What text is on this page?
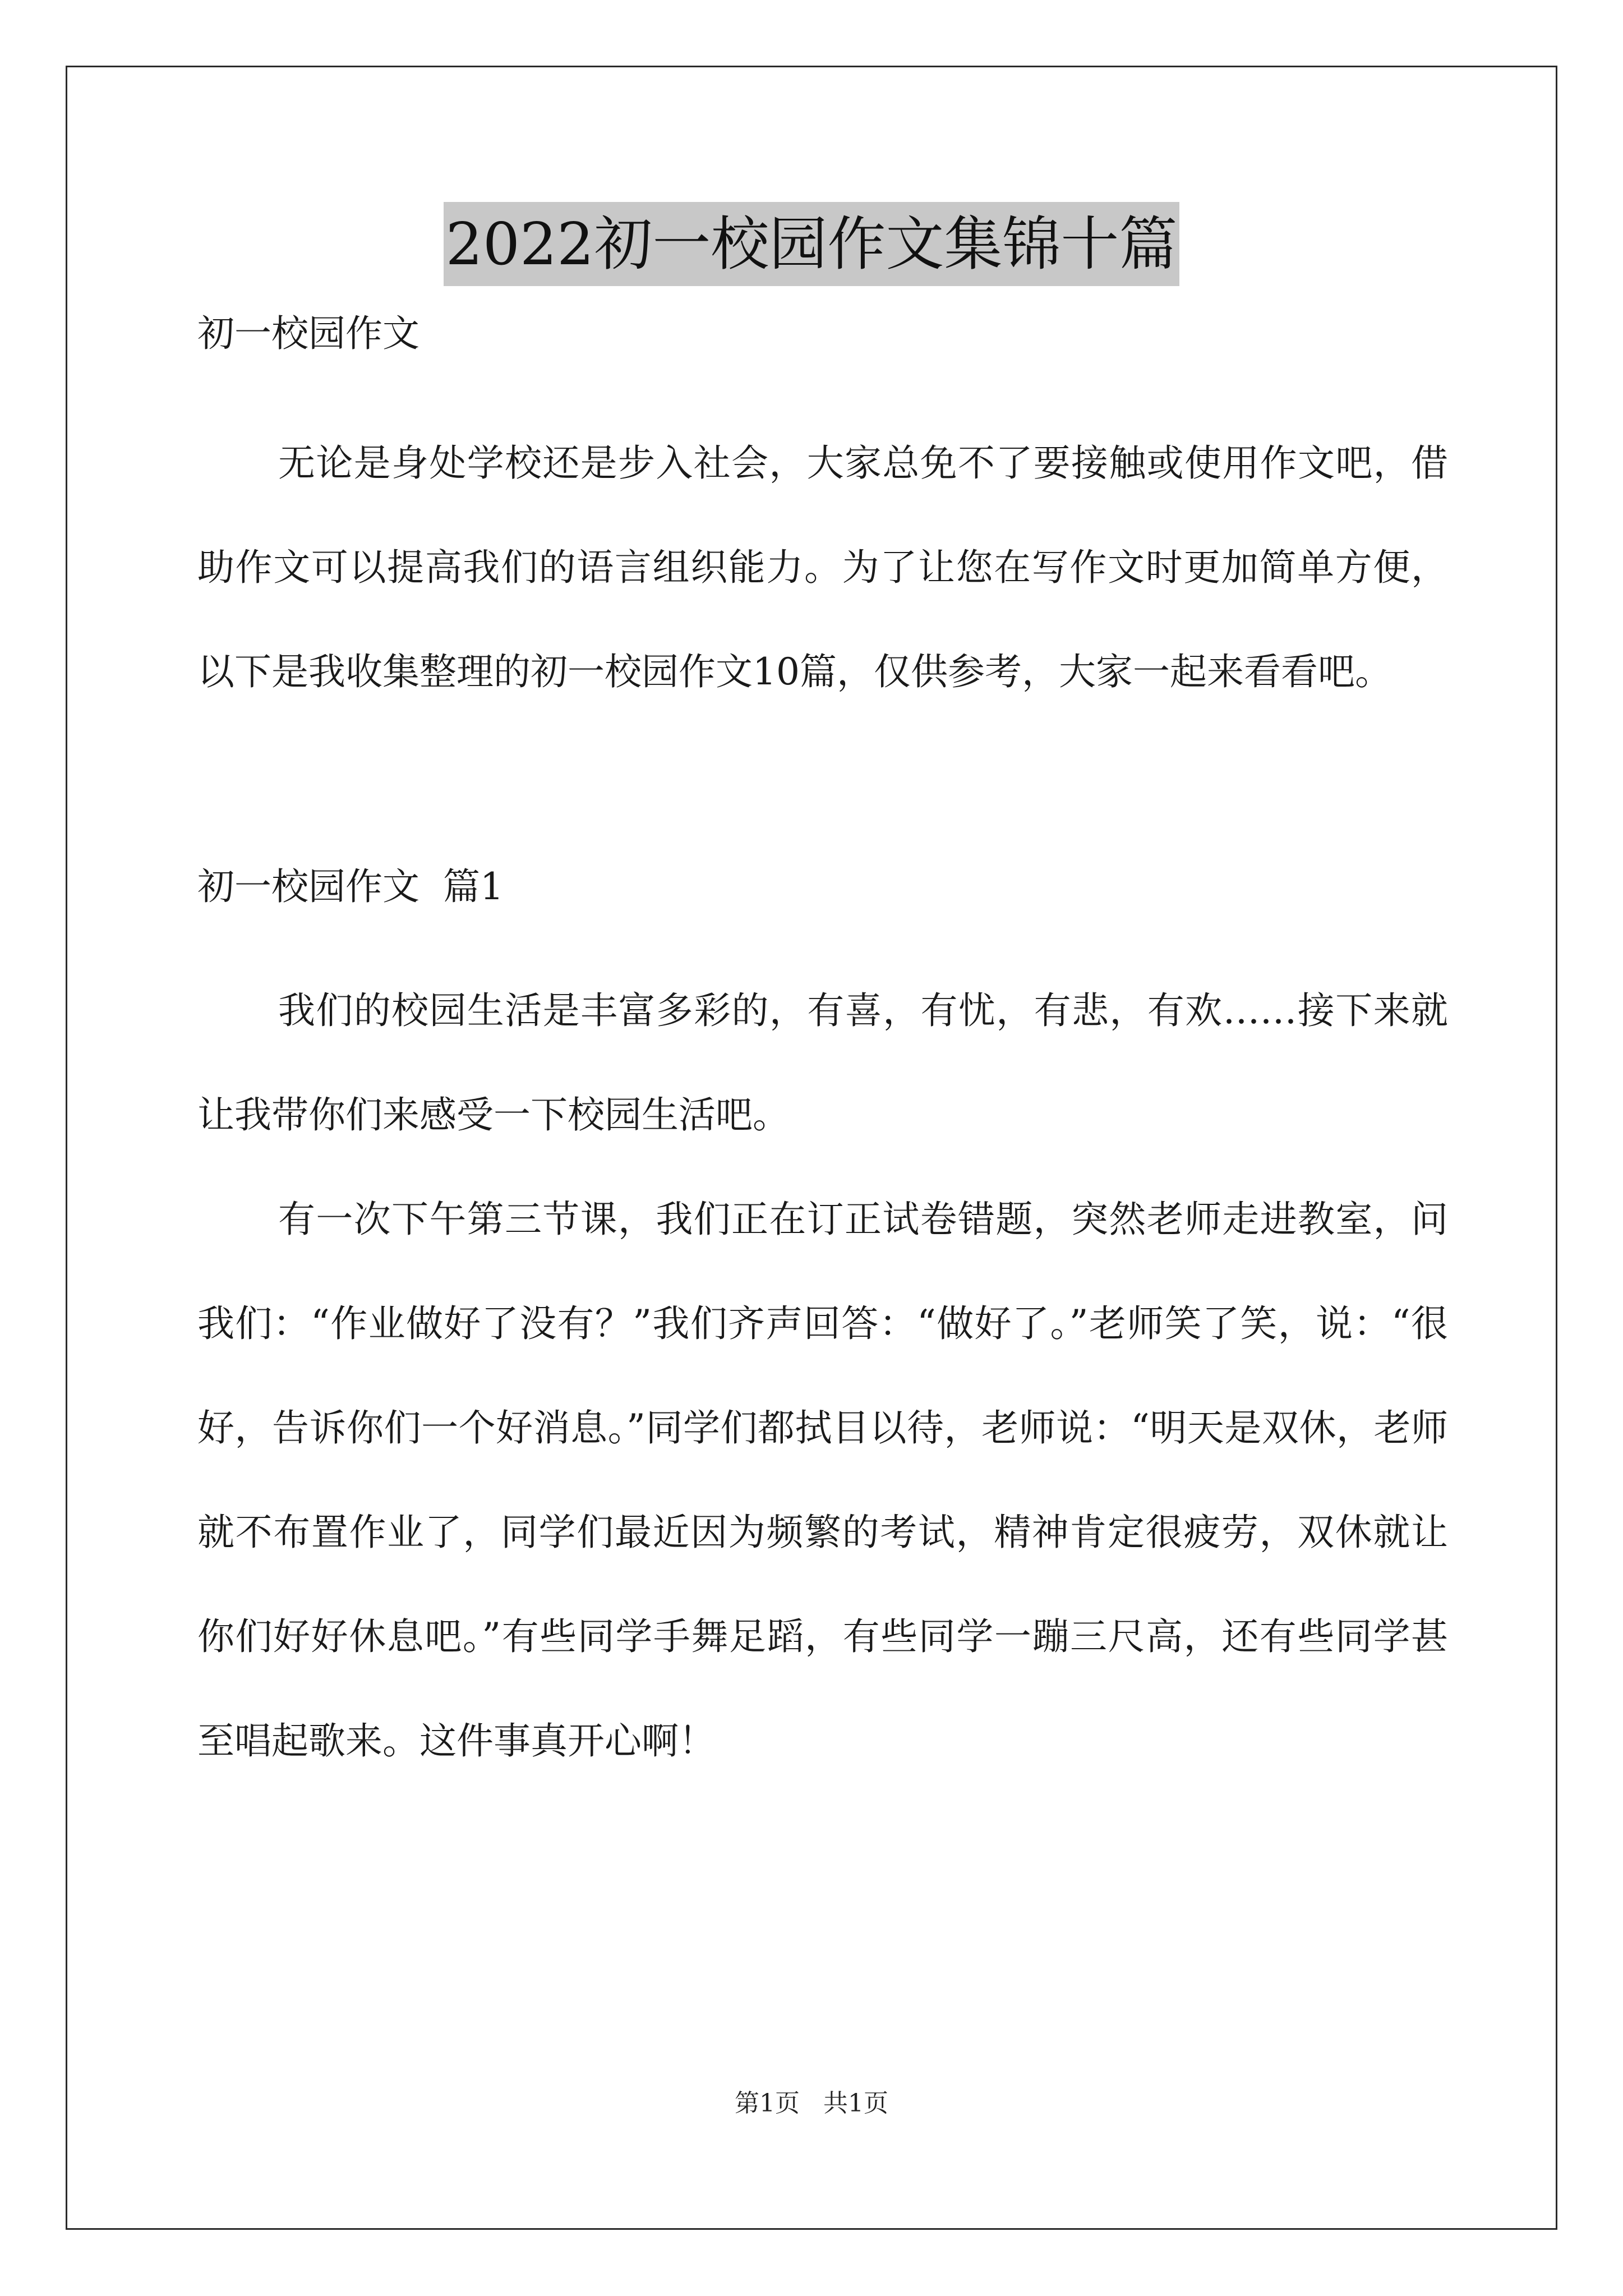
2022初一校园作文集锦十篇

初一校园作文

无论是身处学校还是步入社会，大家总免不了要接触或使用作文吧，借助作文可以提高我们的语言组织能力。为了让您在写作文时更加简单方便，以下是我收集整理的初一校园作文10篇，仅供参考，大家一起来看看吧。

初一校园作文  篇1

我们的校园生活是丰富多彩的，有喜，有忧，有悲，有欢……接下来就让我带你们来感受一下校园生活吧。

有一次下午第三节课，我们正在订正试卷错题，突然老师走进教室，问我们：“作业做好了没有？”我们齐声回答：“做好了。”老师笑了笑，说：“很好，告诉你们一个好消息。”同学们都拭目以待，老师说：“明天是双休，老师就不布置作业了，同学们最近因为频繁的考试，精神肯定很疲劳，双休就让你们好好休息吧。”有些同学手舞足蹈，有些同学一蹦三尺高，还有些同学甚至唱起歌来。这件事真开心啊！

第1页   共1页
